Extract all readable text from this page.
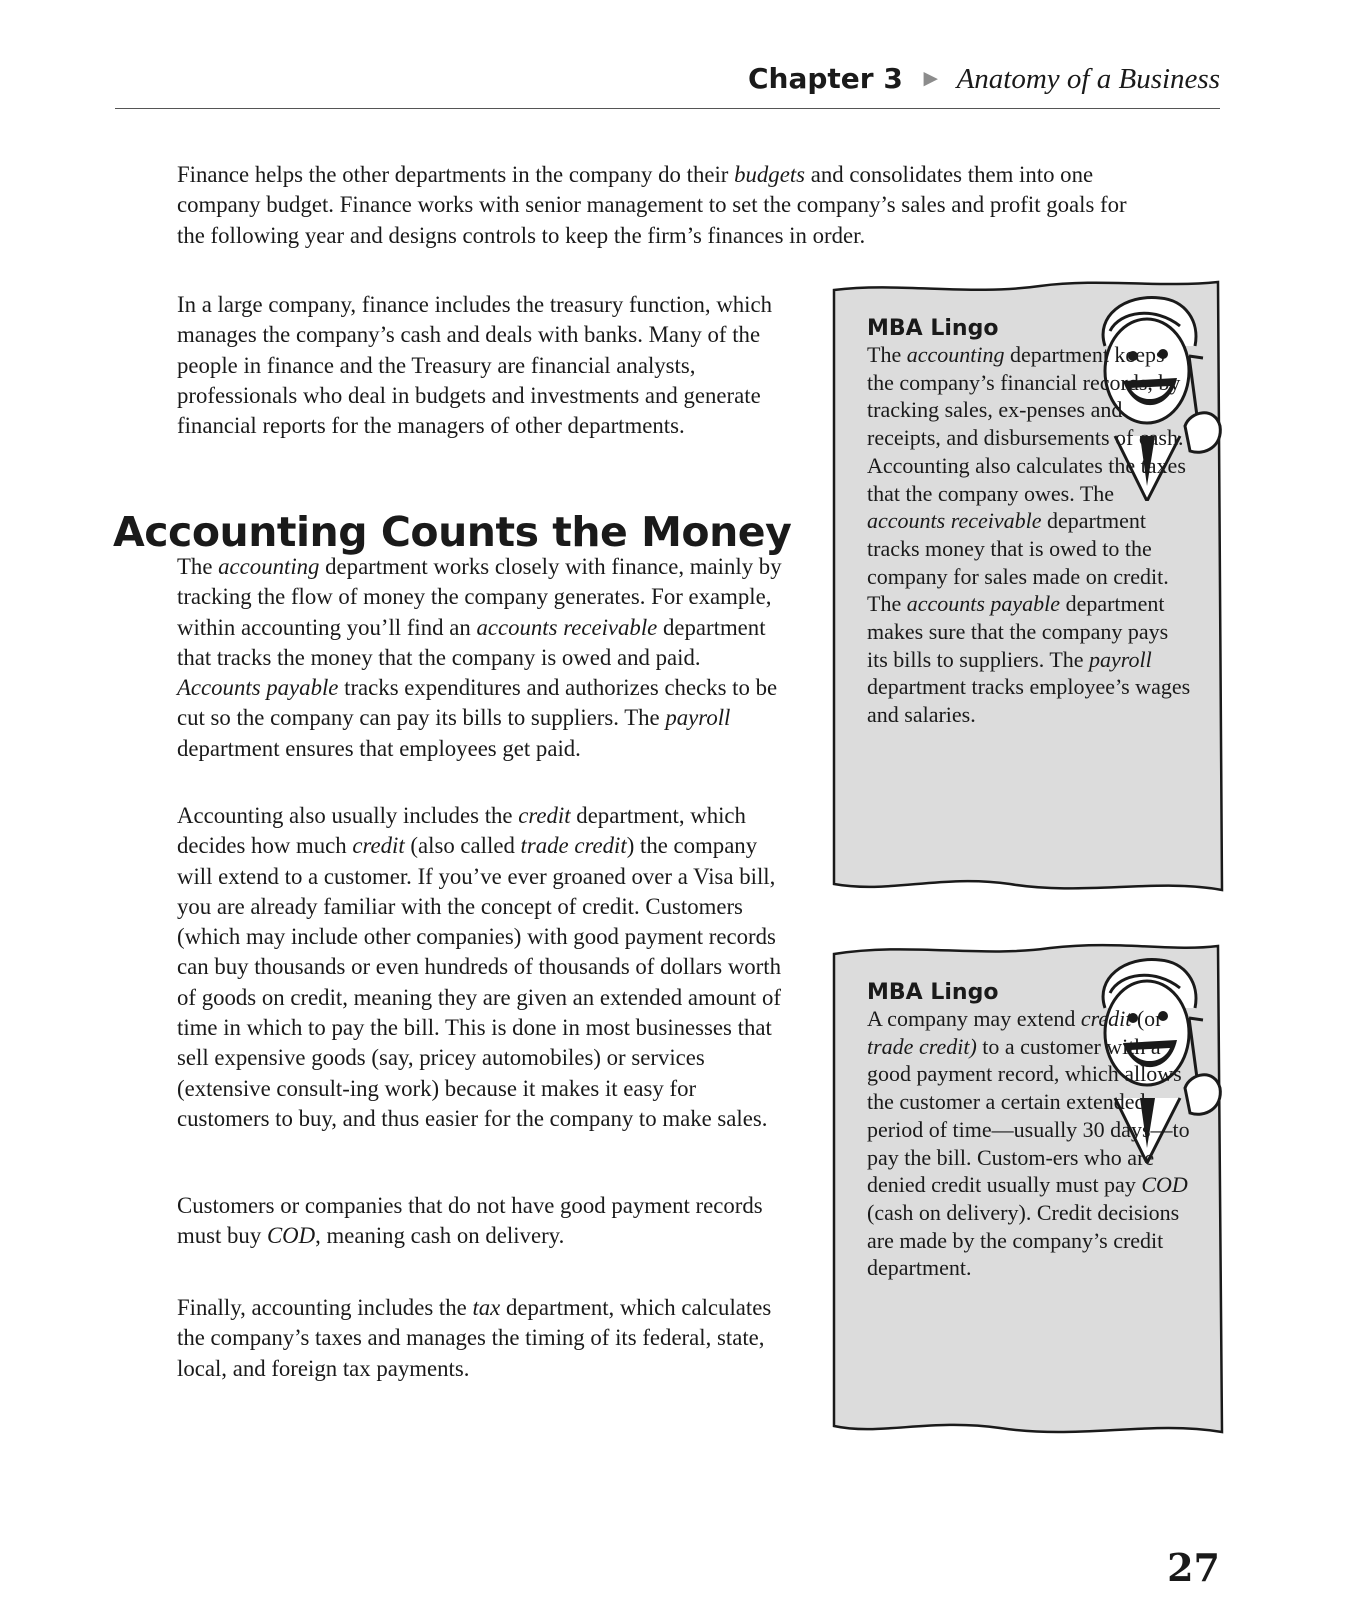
Chapter 3 ► Anatomy of a Business

Finance helps the other departments in the company do their budgets and consolidates them into one company budget. Finance works with senior management to set the company’s sales and profit goals for the following year and designs controls to keep the firm’s finances in order.

In a large company, finance includes the treasury function, which manages the company’s cash and deals with banks. Many of the people in finance and the Treasury are financial analysts, professionals who deal in budgets and investments and generate financial reports for the managers of other departments.

Accounting Counts the Money

The accounting department works closely with finance, mainly by tracking the flow of money the company generates. For example, within accounting you’ll find an accounts receivable department that tracks the money that the company is owed and paid. Accounts payable tracks expenditures and authorizes checks to be cut so the company can pay its bills to suppliers. The payroll department ensures that employees get paid.

Accounting also usually includes the credit department, which decides how much credit (also called trade credit) the company will extend to a customer. If you’ve ever groaned over a Visa bill, you are already familiar with the concept of credit. Customers (which may include other companies) with good payment records can buy thousands or even hundreds of thousands of dollars worth of goods on credit, meaning they are given an extended amount of time in which to pay the bill. This is done in most businesses that sell expensive goods (say, pricey automobiles) or services (extensive consult-ing work) because it makes it easy for customers to buy, and thus easier for the company to make sales.

Customers or companies that do not have good payment records must buy COD, meaning cash on delivery.

Finally, accounting includes the tax department, which calculates the company’s taxes and manages the timing of its federal, state, local, and foreign tax payments.

MBA Lingo

The accounting department keeps the company’s financial records, by tracking sales, ex-penses and receipts, and disbursements of cash. Accounting also calculates the taxes that the company owes. The accounts receivable department tracks money that is owed to the company for sales made on credit. The accounts payable department makes sure that the company pays its bills to suppliers. The payroll department tracks employee’s wages and salaries.

MBA Lingo

A company may extend credit (or trade credit) to a customer with a good payment record, which allows the customer a certain extended period of time—usually 30 days—to pay the bill. Custom-ers who are denied credit usually must pay COD (cash on delivery). Credit decisions are made by the company’s credit department.

27
